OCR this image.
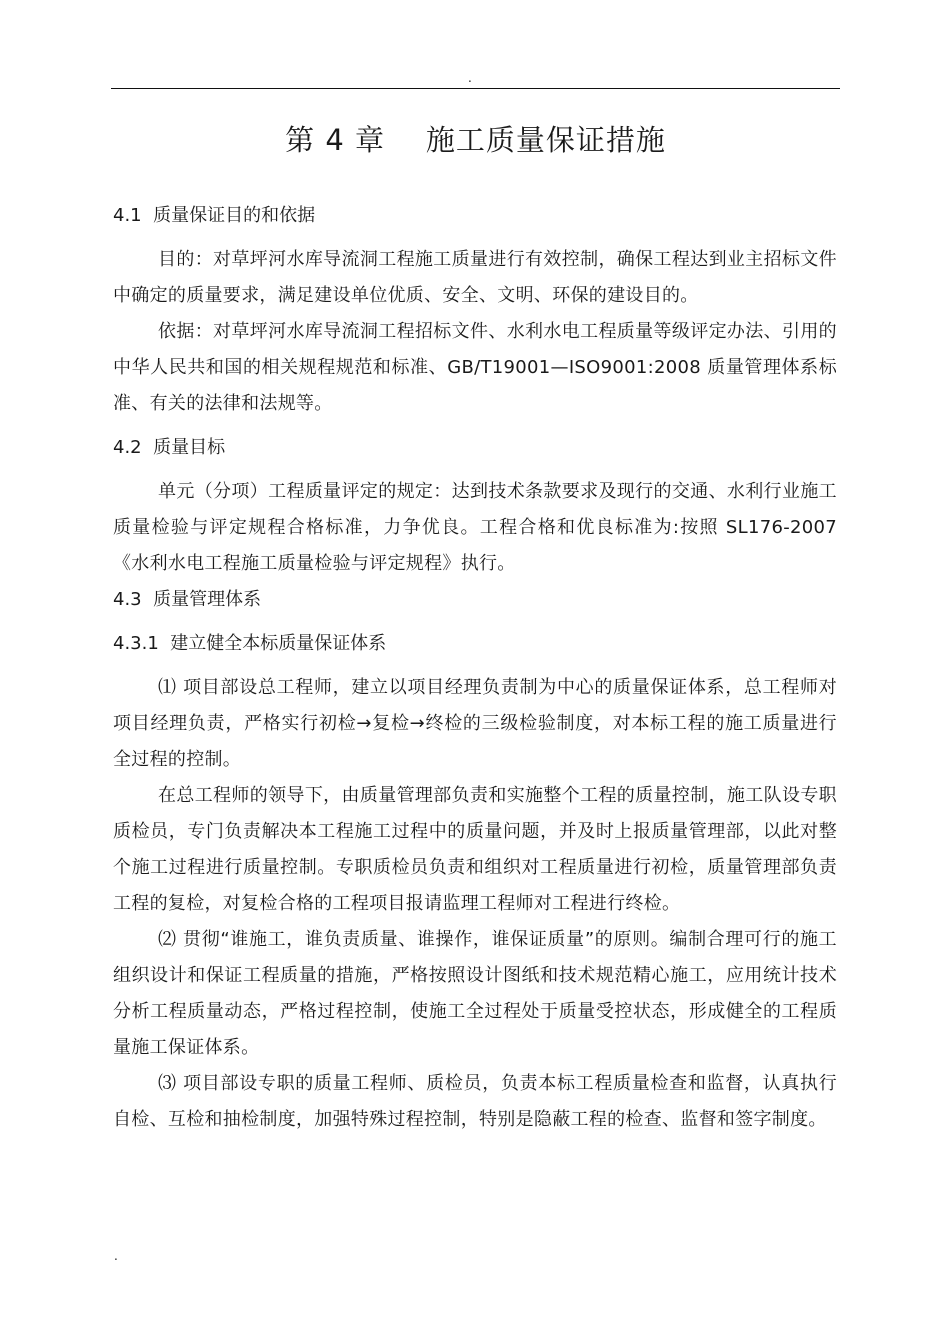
.
第 4 章    施工质量保证措施

4.1  质量保证目的和依据

目的：对草坪河水库导流洞工程施工质量进行有效控制，确保工程达到业主招标文件中确定的质量要求，满足建设单位优质、安全、文明、环保的建设目的。

依据：对草坪河水库导流洞工程招标文件、水利水电工程质量等级评定办法、引用的中华人民共和国的相关规程规范和标准、GB/T19001—ISO9001:2008 质量管理体系标准、有关的法律和法规等。

4.2  质量目标

单元（分项）工程质量评定的规定：达到技术条款要求及现行的交通、水利行业施工质量检验与评定规程合格标准，力争优良。工程合格和优良标准为:按照 SL176-2007《水利水电工程施工质量检验与评定规程》执行。

4.3  质量管理体系

4.3.1  建立健全本标质量保证体系

⑴ 项目部设总工程师，建立以项目经理负责制为中心的质量保证体系，总工程师对项目经理负责，严格实行初检→复检→终检的三级检验制度，对本标工程的施工质量进行全过程的控制。

在总工程师的领导下，由质量管理部负责和实施整个工程的质量控制，施工队设专职质检员，专门负责解决本工程施工过程中的质量问题，并及时上报质量管理部，以此对整个施工过程进行质量控制。专职质检员负责和组织对工程质量进行初检，质量管理部负责工程的复检，对复检合格的工程项目报请监理工程师对工程进行终检。

⑵ 贯彻“谁施工，谁负责质量、谁操作，谁保证质量”的原则。编制合理可行的施工组织设计和保证工程质量的措施，严格按照设计图纸和技术规范精心施工，应用统计技术分析工程质量动态，严格过程控制，使施工全过程处于质量受控状态，形成健全的工程质量施工保证体系。

⑶ 项目部设专职的质量工程师、质检员，负责本标工程质量检查和监督，认真执行自检、互检和抽检制度，加强特殊过程控制，特别是隐蔽工程的检查、监督和签字制度。

.
